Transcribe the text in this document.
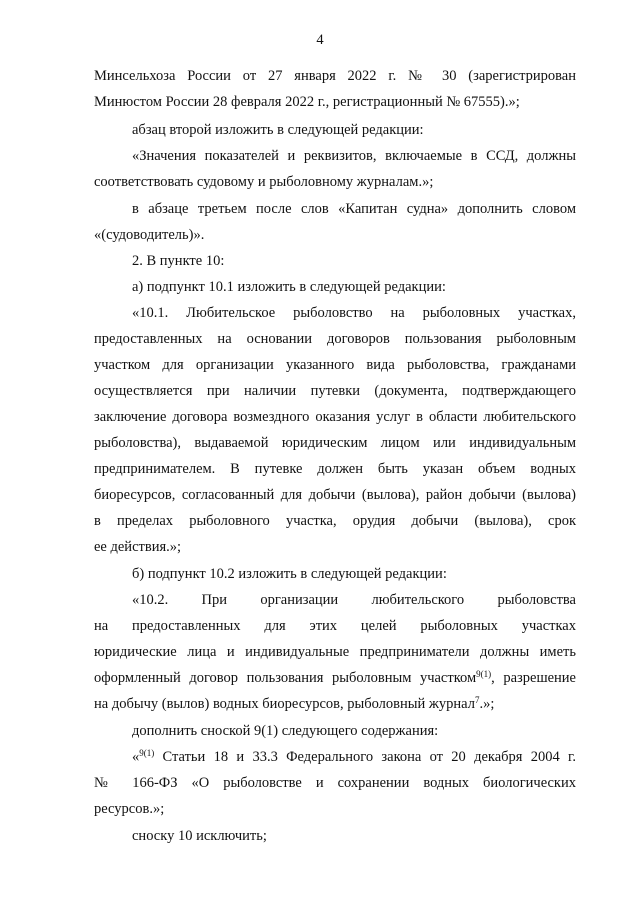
4
Минсельхоза России от 27 января 2022 г. № 30 (зарегистрирован
Минюстом России 28 февраля 2022 г., регистрационный № 67555).»;
абзац второй изложить в следующей редакции:
«Значения показателей и реквизитов, включаемые в ССД, должны
соответствовать судовому и рыболовному журналам.»;
в абзаце третьем после слов «Капитан судна» дополнить словом
«(судоводитель)».
2. В пункте 10:
а) подпункт 10.1 изложить в следующей редакции:
«10.1. Любительское рыболовство на рыболовных участках,
предоставленных на основании договоров пользования рыболовным
участком для организации указанного вида рыболовства, гражданами
осуществляется при наличии путевки (документа, подтверждающего
заключение договора возмездного оказания услуг в области любительского
рыболовства), выдаваемой юридическим лицом или индивидуальным
предпринимателем. В путевке должен быть указан объем водных
биоресурсов, согласованный для добычи (вылова), район добычи (вылова)
в пределах рыболовного участка, орудия добычи (вылова), срок
ее действия.»;
б) подпункт 10.2 изложить в следующей редакции:
«10.2. При организации любительского рыболовства
на предоставленных для этих целей рыболовных участках
юридические лица и индивидуальные предприниматели должны иметь
оформленный договор пользования рыболовным участком$^{9(1)}$, разрешение
на добычу (вылов) водных биоресурсов, рыболовный журнал$^7$.»;
дополнить сноской 9(1) следующего содержания:
«$^{9(1)}$ Статьи 18 и 33.3 Федерального закона от 20 декабря 2004 г.
№ 166-ФЗ «О рыболовстве и сохранении водных биологических
ресурсов.»;
сноску 10 исключить;
